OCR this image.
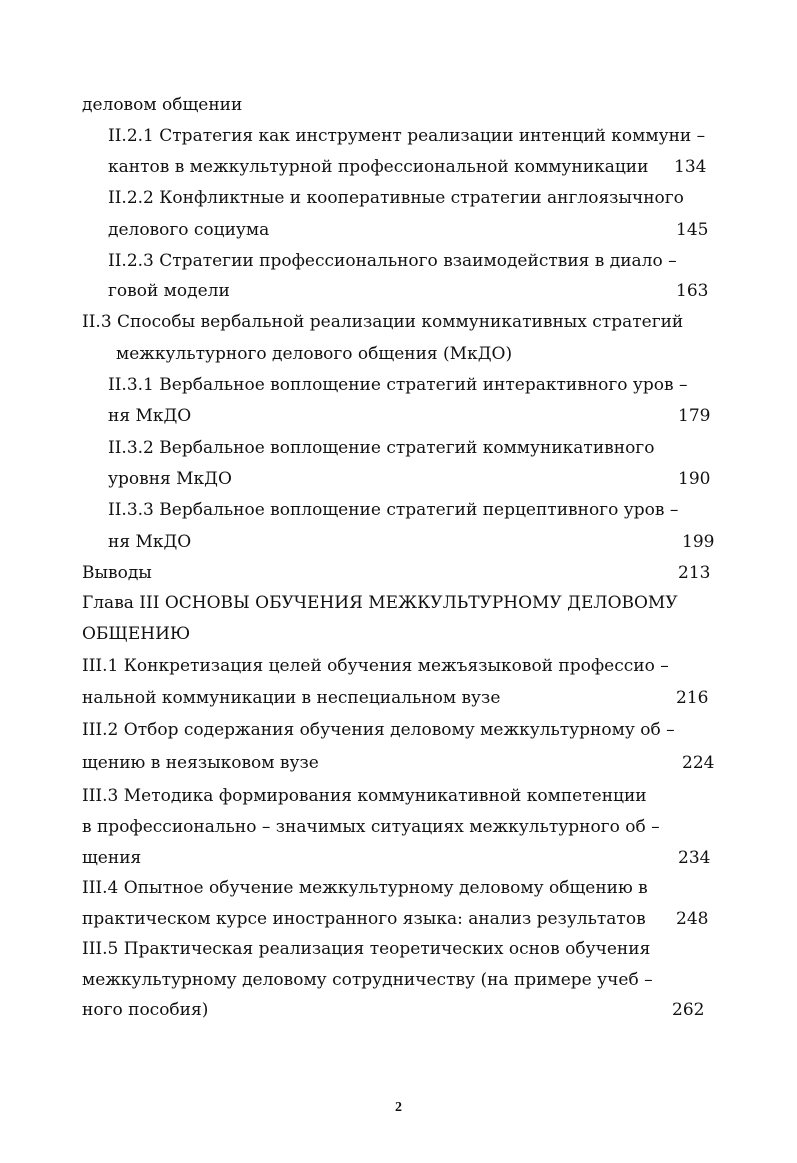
деловом общении
II.2.1 Стратегия как инструмент реализации интенций коммуни –
кантов в межкультурной профессиональной коммуникации 134
II.2.2 Конфликтные и кооперативные стратегии англоязычного
делового социума	145
II.2.3 Стратегии профессионального взаимодействия в диало –
говой модели	163
II.3 Способы вербальной реализации коммуникативных стратегий
межкультурного делового общения (МкДО)
II.3.1 Вербальное воплощение стратегий интерактивного уров –
ня МкДО	179
II.3.2 Вербальное воплощение стратегий коммуникативного
уровня МкДО	190
II.3.3 Вербальное воплощение стратегий перцептивного уров –
ня МкДО	199
Выводы	213
Глава III ОСНОВЫ ОБУЧЕНИЯ МЕЖКУЛЬТУРНОМУ ДЕЛОВОМУ
ОБЩЕНИЮ
III.1 Конкретизация целей обучения межъязыковой профессио –
нальной коммуникации в неспециальном вузе	216
III.2 Отбор содержания обучения деловому межкультурному об –
щению в неязыковом вузе	224
III.3 Методика формирования коммуникативной компетенции
в профессионально – значимых ситуациях межкультурного об –
щения	234
III.4 Опытное обучение межкультурному деловому общению в
практическом курсе иностранного языка: анализ результатов 248
III.5 Практическая реализация теоретических основ обучения
межкультурному деловому сотрудничеству (на примере учеб –
ного пособия)	262
2
